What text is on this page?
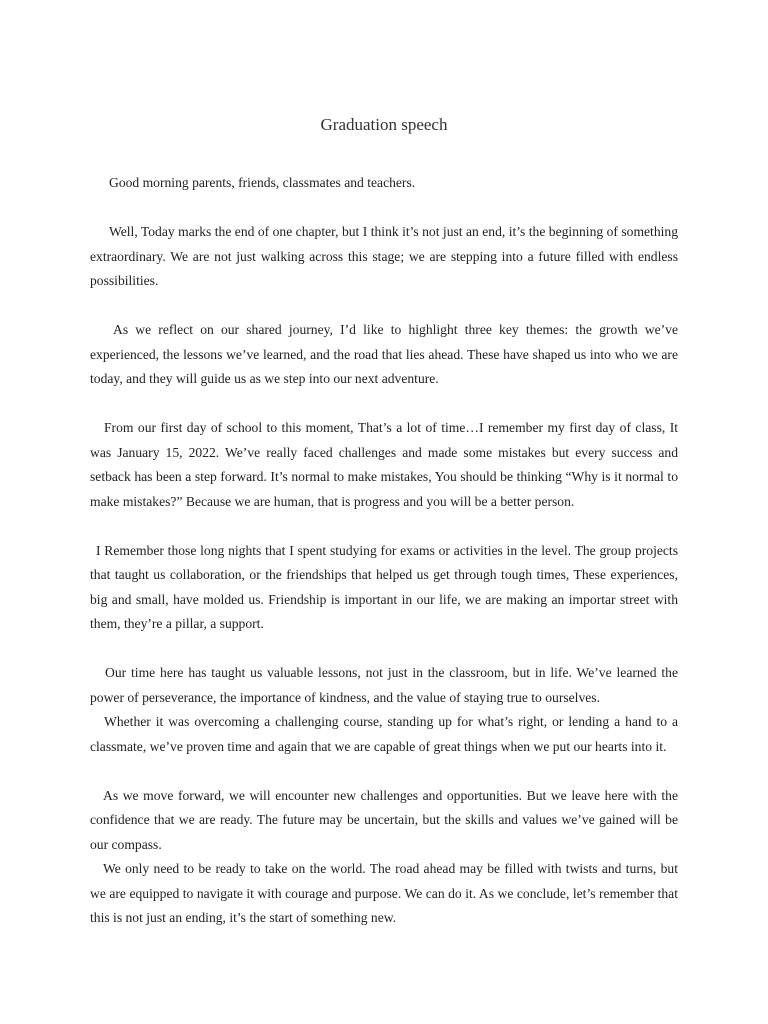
Graduation speech

Good morning parents, friends, classmates and teachers.

Well, Today marks the end of one chapter, but I think it’s not just an end, it’s the beginning of something extraordinary. We are not just walking across this stage; we are stepping into a future filled with endless possibilities.

As we reflect on our shared journey, I’d like to highlight three key themes: the growth we’ve experienced, the lessons we’ve learned, and the road that lies ahead. These have shaped us into who we are today, and they will guide us as we step into our next adventure.

From our first day of school to this moment, That’s a lot of time…I remember my first day of class, It was January 15, 2022. We’ve really faced challenges and made some mistakes but every success and setback has been a step forward. It’s normal to make mistakes, You should be thinking “Why is it normal to make mistakes?” Because we are human, that is progress and you will be a better person.

I Remember those long nights that I spent studying for exams or activities in the level. The group projects that taught us collaboration, or the friendships that helped us get through tough times, These experiences, big and small, have molded us. Friendship is important in our life, we are making an importar street with them, they’re a pillar, a support.

Our time here has taught us valuable lessons, not just in the classroom, but in life. We’ve learned the power of perseverance, the importance of kindness, and the value of staying true to ourselves.

Whether it was overcoming a challenging course, standing up for what’s right, or lending a hand to a classmate, we’ve proven time and again that we are capable of great things when we put our hearts into it.

As we move forward, we will encounter new challenges and opportunities. But we leave here with the confidence that we are ready. The future may be uncertain, but the skills and values we’ve gained will be our compass.

We only need to be ready to take on the world. The road ahead may be filled with twists and turns, but we are equipped to navigate it with courage and purpose. We can do it. As we conclude, let’s remember that this is not just an ending, it’s the start of something new.
